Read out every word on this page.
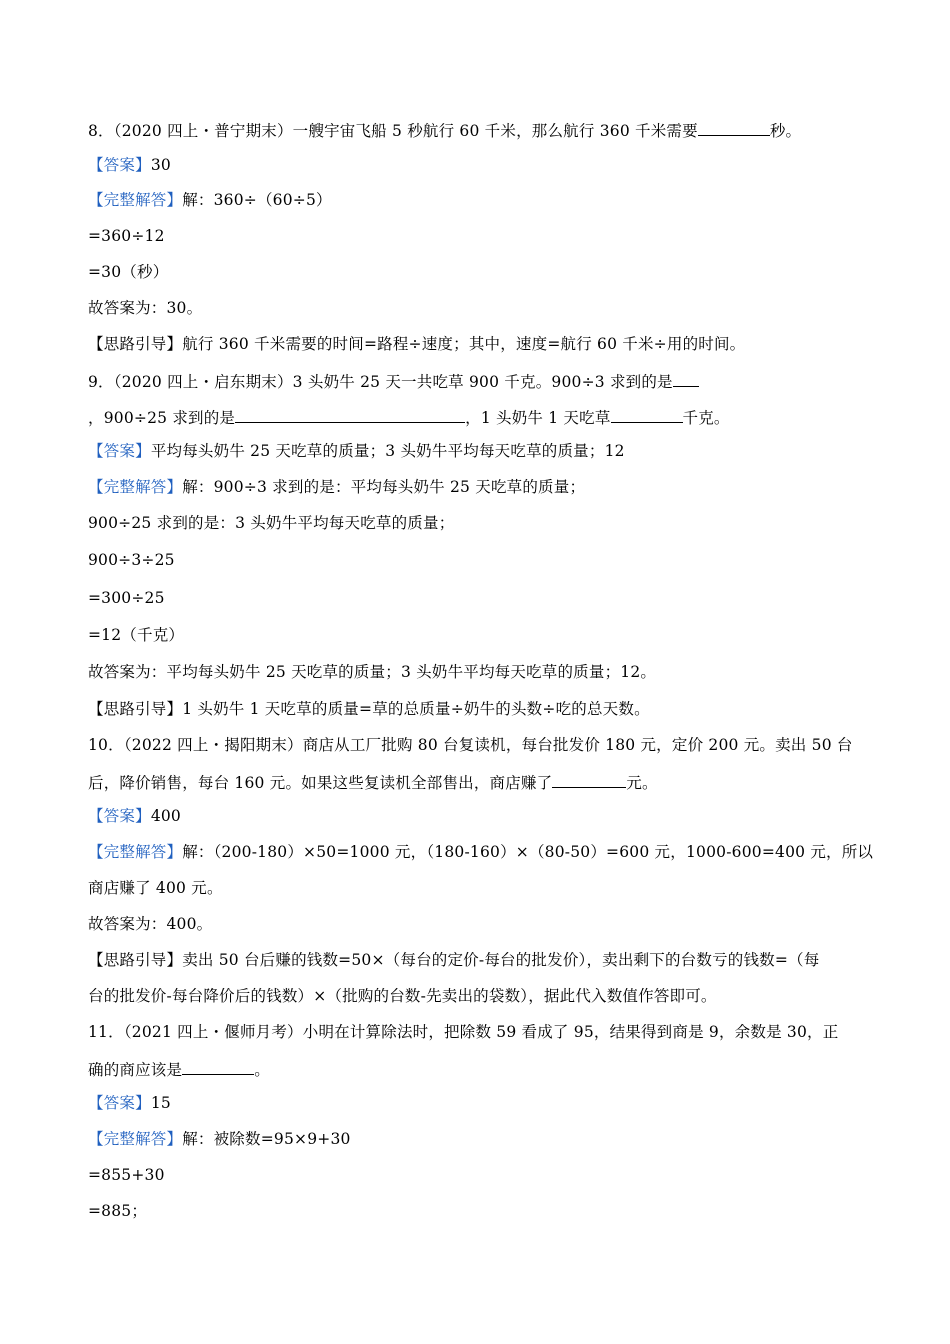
8．（2020 四上・普宁期末）一艘宇宙飞船 5 秒航行 60 千米，那么航行 360 千米需要	秒。
【答案】30
【完整解答】解：360÷（60÷5）
=360÷12
=30（秒）
故答案为：30。
【思路引导】航行 360 千米需要的时间=路程÷速度；其中，速度=航行 60 千米÷用的时间。
9．（2020 四上・启东期末）3 头奶牛 25 天一共吃草 900 千克。900÷3 求到的是
，900÷25 求到的是	，1 头奶牛 1 天吃草	千克。
【答案】平均每头奶牛 25 天吃草的质量；3 头奶牛平均每天吃草的质量；12
【完整解答】解：900÷3 求到的是：平均每头奶牛 25 天吃草的质量；
900÷25 求到的是：3 头奶牛平均每天吃草的质量；
900÷3÷25
=300÷25
=12（千克）
故答案为：平均每头奶牛 25 天吃草的质量；3 头奶牛平均每天吃草的质量；12。
【思路引导】1 头奶牛 1 天吃草的质量=草的总质量÷奶牛的头数÷吃的总天数。
10．（2022 四上・揭阳期末）商店从工厂批购 80 台复读机，每台批发价 180 元，定价 200 元。卖出 50 台
后，降价销售，每台 160 元。如果这些复读机全部售出，商店赚了	元。
【答案】400
【完整解答】解：（200-180）×50=1000 元，（180-160）×（80-50）=600 元，1000-600=400 元，所以
商店赚了 400 元。
故答案为：400。
【思路引导】卖出 50 台后赚的钱数=50×（每台的定价-每台的批发价），卖出剩下的台数亏的钱数=（每
台的批发价-每台降价后的钱数）×（批购的台数-先卖出的袋数），据此代入数值作答即可。
11．（2021 四上・偃师月考）小明在计算除法时，把除数 59 看成了 95，结果得到商是 9，余数是 30，正
确的商应该是	。
【答案】15
【完整解答】解：被除数=95×9+30
=855+30
=885；
